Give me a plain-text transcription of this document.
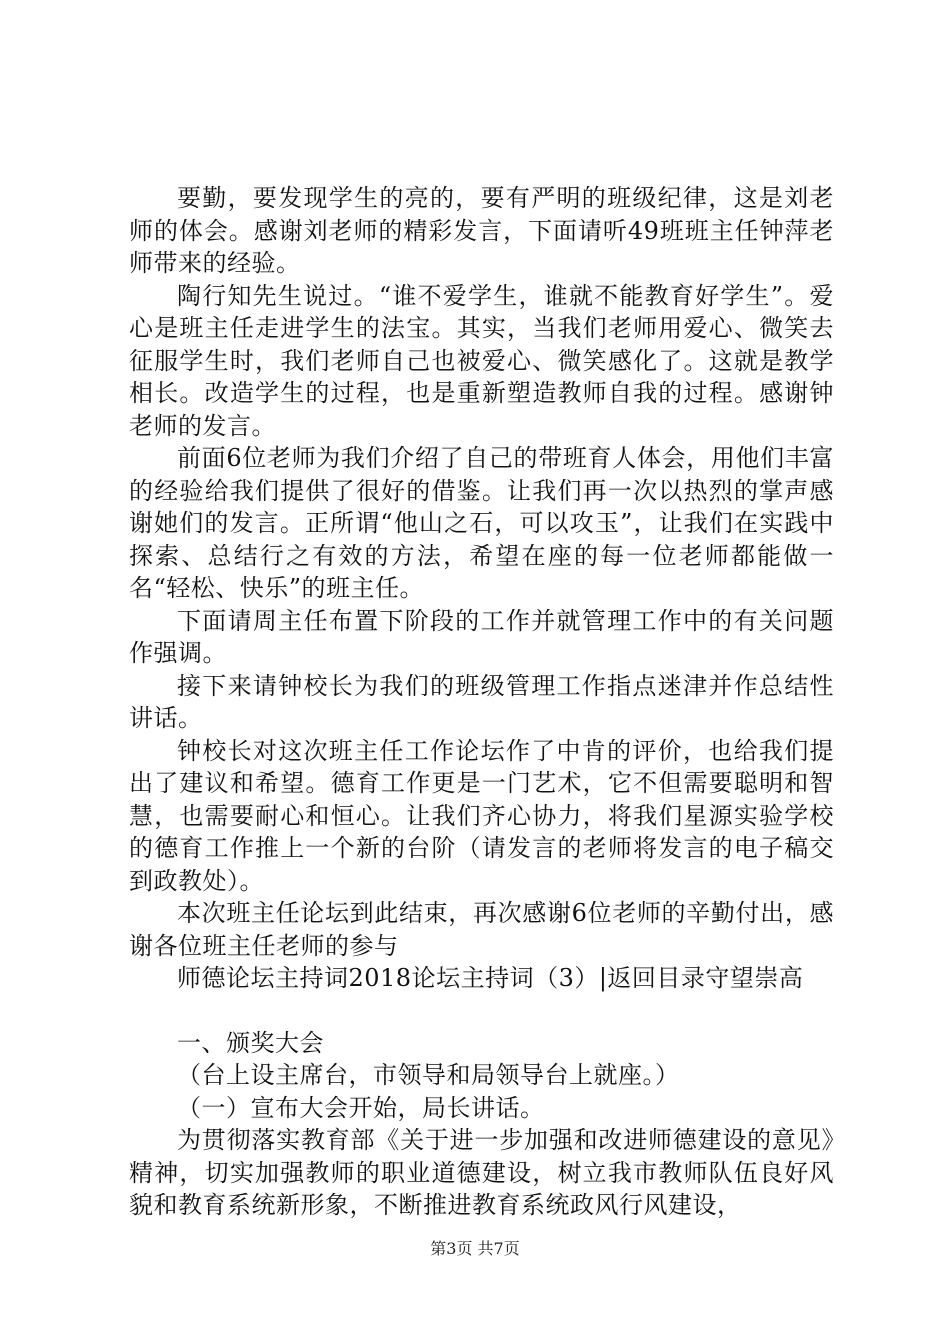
要勤，要发现学生的亮的，要有严明的班级纪律，这是刘老师的体会。感谢刘老师的精彩发言，下面请听49班班主任钟萍老师带来的经验。

陶行知先生说过。“谁不爱学生，谁就不能教育好学生”。爱心是班主任走进学生的法宝。其实，当我们老师用爱心、微笑去征服学生时，我们老师自己也被爱心、微笑感化了。这就是教学相长。改造学生的过程，也是重新塑造教师自我的过程。感谢钟老师的发言。

前面6位老师为我们介绍了自己的带班育人体会，用他们丰富的经验给我们提供了很好的借鉴。让我们再一次以热烈的掌声感谢她们的发言。正所谓“他山之石，可以攻玉”，让我们在实践中探索、总结行之有效的方法，希望在座的每一位老师都能做一名“轻松、快乐”的班主任。

下面请周主任布置下阶段的工作并就管理工作中的有关问题作强调。

接下来请钟校长为我们的班级管理工作指点迷津并作总结性讲话。

钟校长对这次班主任工作论坛作了中肯的评价，也给我们提出了建议和希望。德育工作更是一门艺术，它不但需要聪明和智慧，也需要耐心和恒心。让我们齐心协力，将我们星源实验学校的德育工作推上一个新的台阶（请发言的老师将发言的电子稿交到政教处）。

本次班主任论坛到此结束，再次感谢6位老师的辛勤付出，感谢各位班主任老师的参与

师德论坛主持词2018论坛主持词（3）|返回目录守望崇高

一、颁奖大会

（台上设主席台，市领导和局领导台上就座。）

（一）宣布大会开始，局长讲话。

为贯彻落实教育部《关于进一步加强和改进师德建设的意见》精神，切实加强教师的职业道德建设，树立我市教师队伍良好风貌和教育系统新形象，不断推进教育系统政风行风建设，

第3页 共7页
